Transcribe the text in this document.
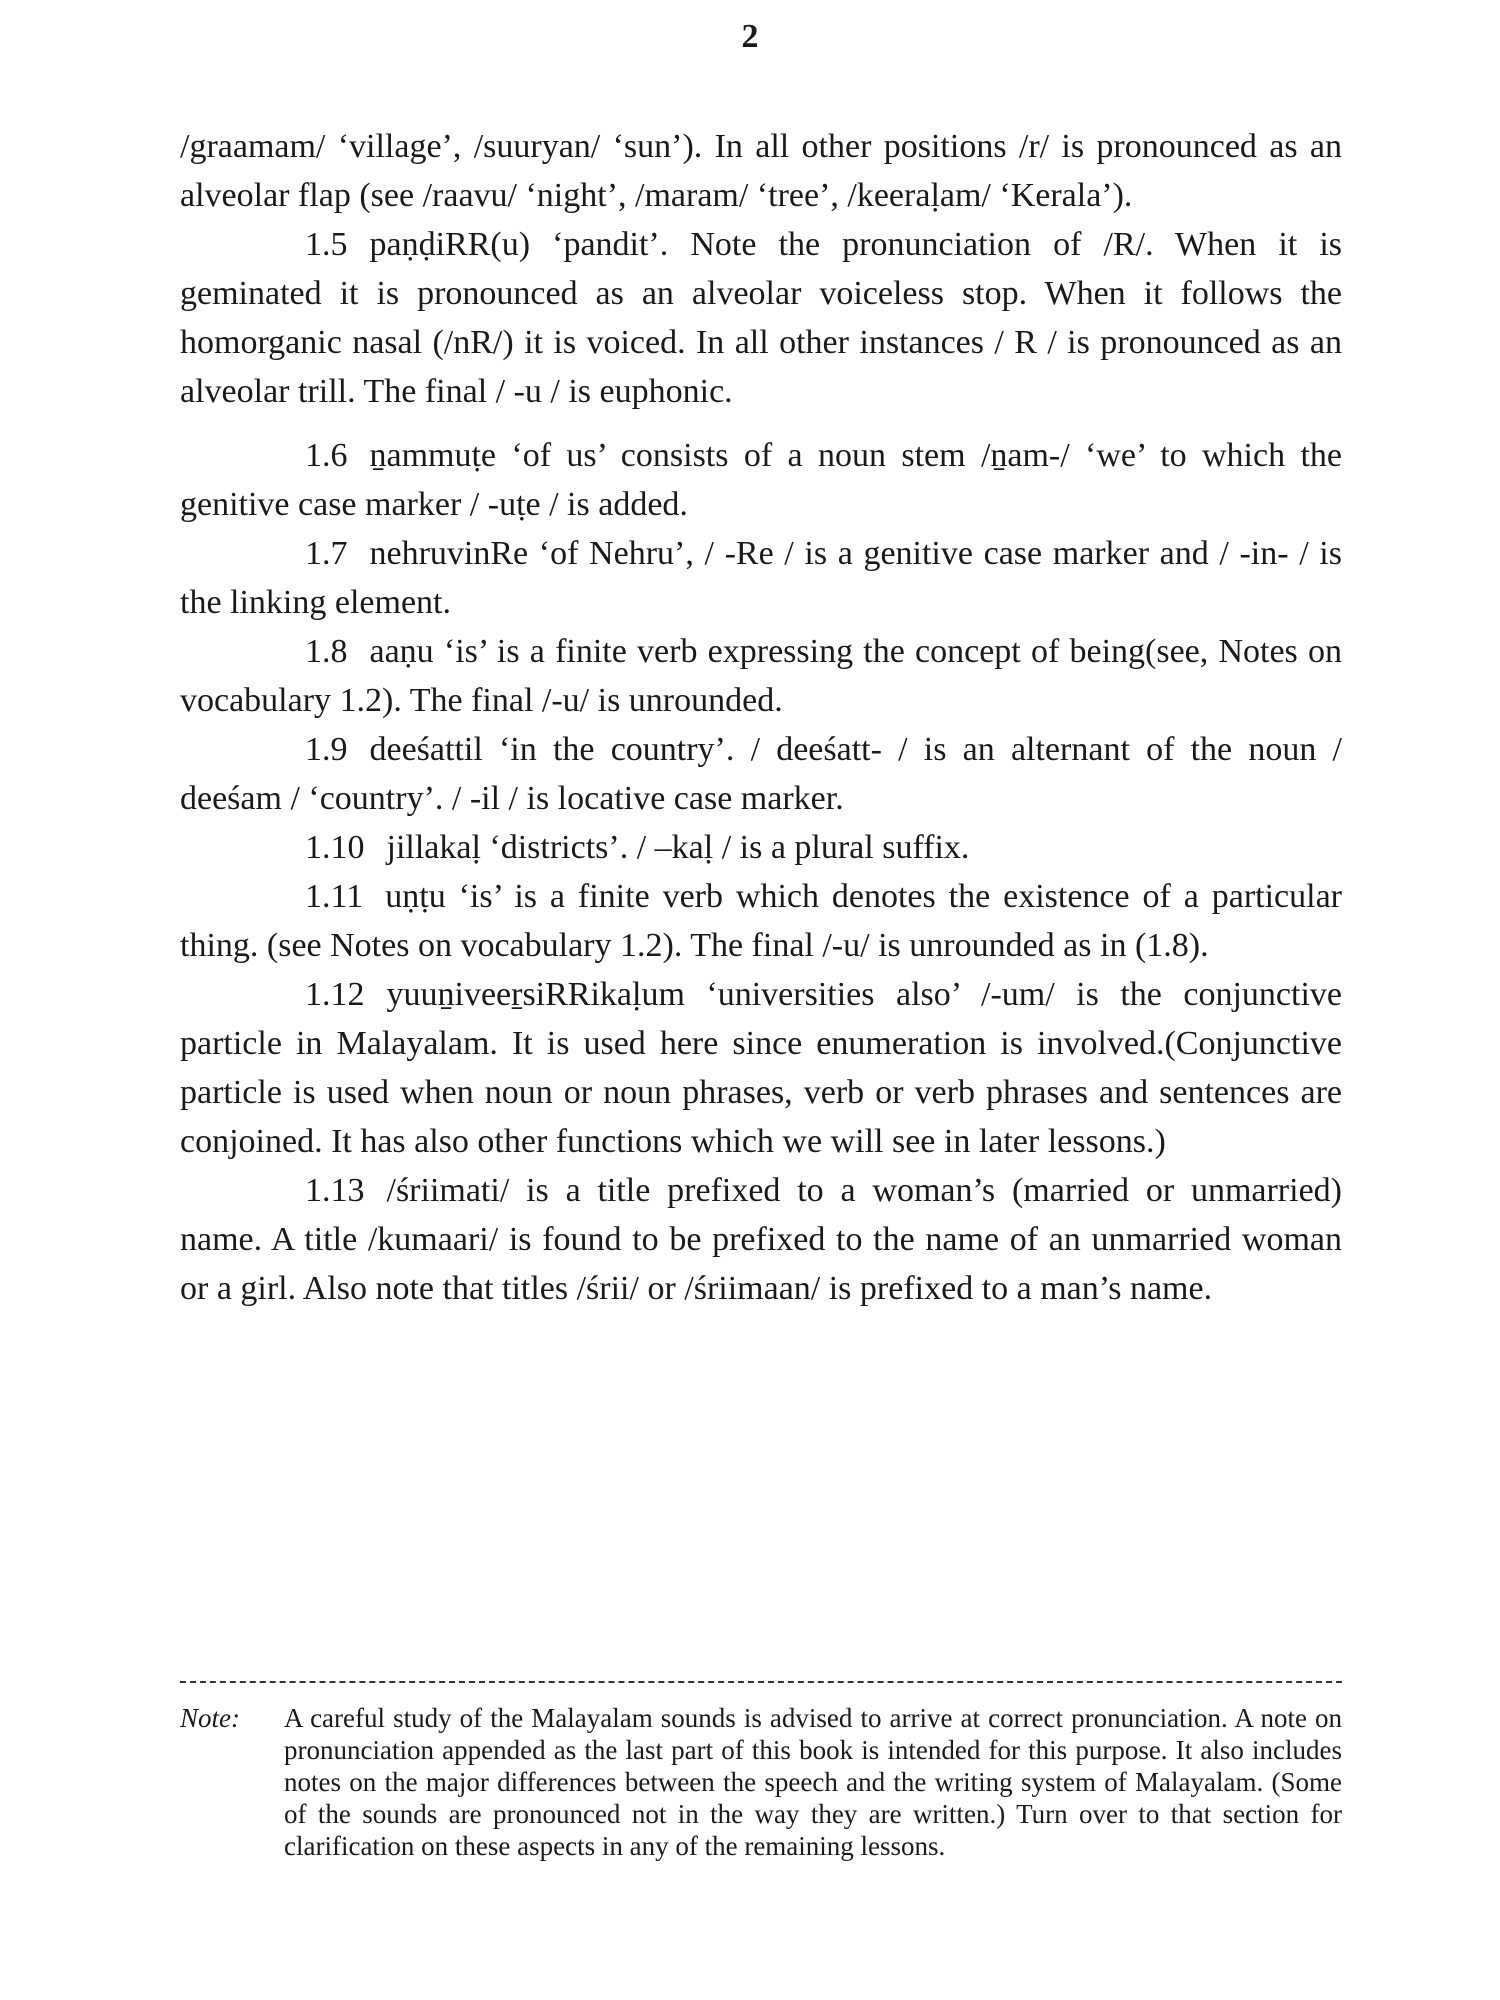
2

/graamam/ ‘village’, /suuryan/ ‘sun’). In all other positions /r/ is pronounced as an alveolar flap (see /raavu/ ‘night’, /maram/ ‘tree’, /keeraḷam/ ‘Kerala’).

1.5 paṇḍiRR(u) ‘pandit’. Note the pronunciation of /R/. When it is geminated it is pronounced as an alveolar voiceless stop. When it follows the homorganic nasal (/nR/) it is voiced. In all other instances / R / is pronounced as an alveolar trill. The final / -u / is euphonic.

1.6 ṉammuṭe ‘of us’ consists of a noun stem /ṉam-/ ‘we’ to which the genitive case marker / -uṭe / is added.

1.7 nehruvinRe ‘of Nehru’, / -Re / is a genitive case marker and / -in- / is the linking element.

1.8 aaṇu ‘is’ is a finite verb expressing the concept of being(see, Notes on vocabulary 1.2). The final /-u/ is unrounded.

1.9 deeśattil ‘in the country’. / deeśatt- / is an alternant of the noun / deeśam / ‘country’. / -il / is locative case marker.

1.10 jillakaḷ ‘districts’. / –kaḷ / is a plural suffix.

1.11 uṇṭu ‘is’ is a finite verb which denotes the existence of a particular thing. (see Notes on vocabulary 1.2). The final /-u/ is unrounded as in (1.8).

1.12 yuuṉiveeṟsiRRikaḷum ‘universities also’ /-um/ is the conjunctive particle in Malayalam. It is used here since enumeration is involved.(Conjunctive particle is used when noun or noun phrases, verb or verb phrases and sentences are conjoined. It has also other functions which we will see in later lessons.)

1.13 /śriimati/ is a title prefixed to a woman’s (married or unmarried) name. A title /kumaari/ is found to be prefixed to the name of an unmarried woman or a girl. Also note that titles /śrii/ or /śriimaan/ is prefixed to a man’s name.

Note:	A careful study of the Malayalam sounds is advised to arrive at correct pronunciation. A note on pronunciation appended as the last part of this book is intended for this purpose. It also includes notes on the major differences between the speech and the writing system of Malayalam. (Some of the sounds are pronounced not in the way they are written.) Turn over to that section for clarification on these aspects in any of the remaining lessons.
